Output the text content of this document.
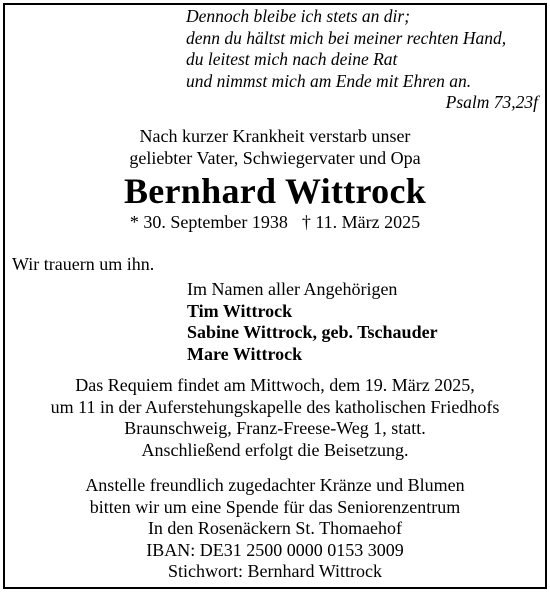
Dennoch bleibe ich stets an dir;
denn du hältst mich bei meiner rechten Hand,
du leitest mich nach deine Rat
und nimmst mich am Ende mit Ehren an.
Psalm 73,23f
Nach kurzer Krankheit verstarb unser
geliebter Vater, Schwiegervater und Opa
Bernhard Wittrock
* 30. September 1938 † 11. März 2025
Wir trauern um ihn.
Im Namen aller Angehörigen
Tim Wittrock
Sabine Wittrock, geb. Tschauder
Mare Wittrock
Das Requiem findet am Mittwoch, dem 19. März 2025,
um 11 in der Auferstehungskapelle des katholischen Friedhofs
Braunschweig, Franz-Freese-Weg 1, statt.
Anschließend erfolgt die Beisetzung.
Anstelle freundlich zugedachter Kränze und Blumen
bitten wir um eine Spende für das Seniorenzentrum
In den Rosenäckern St. Thomaehof
IBAN: DE31 2500 0000 0153 3009
Stichwort: Bernhard Wittrock
